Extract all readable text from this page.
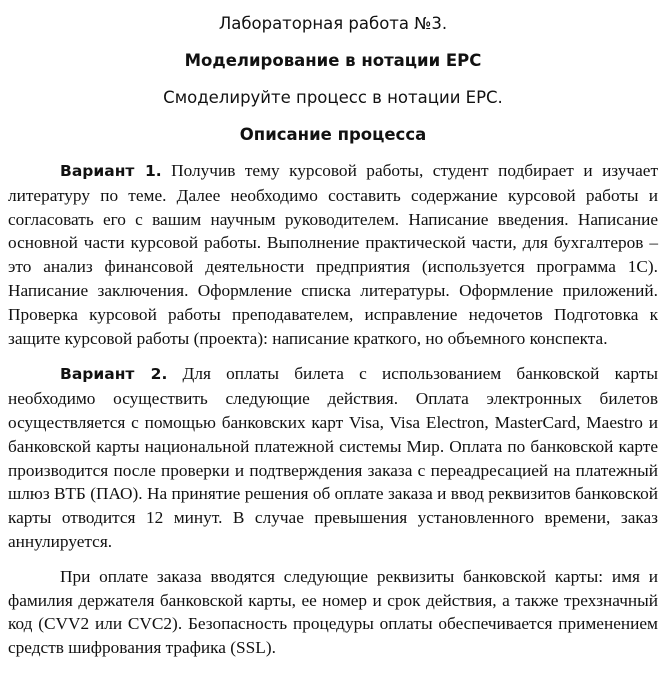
Лабораторная работа №3.

Моделирование в нотации EPC

Смоделируйте процесс в нотации EPC.

Описание процесса

Вариант 1. Получив тему курсовой работы, студент подбирает и изучает литературу по теме. Далее необходимо составить содержание курсовой работы и согласовать его с вашим научным руководителем. Написание введения. Написание основной части курсовой работы. Выполнение практической части, для бухгалтеров – это анализ финансовой деятельности предприятия (используется программа 1С). Написание заключения. Оформление списка литературы. Оформление приложений. Проверка курсовой работы преподавателем, исправление недочетов Подготовка к защите курсовой работы (проекта): написание краткого, но объемного конспекта.

Вариант 2. Для оплаты билета с использованием банковской карты необходимо осуществить следующие действия. Оплата электронных билетов осуществляется с помощью банковских карт Visa, Visa Electron, MasterCard, Maestro и банковской карты национальной платежной системы Мир. Оплата по банковской карте производится после проверки и подтверждения заказа с переадресацией на платежный шлюз ВТБ (ПАО). На принятие решения об оплате заказа и ввод реквизитов банковской карты отводится 12 минут. В случае превышения установленного времени, заказ аннулируется.

При оплате заказа вводятся следующие реквизиты банковской карты: имя и фамилия держателя банковской карты, ее номер и срок действия, а также трехзначный код (CVV2 или CVC2). Безопасность процедуры оплаты обеспечивается применением средств шифрования трафика (SSL).
